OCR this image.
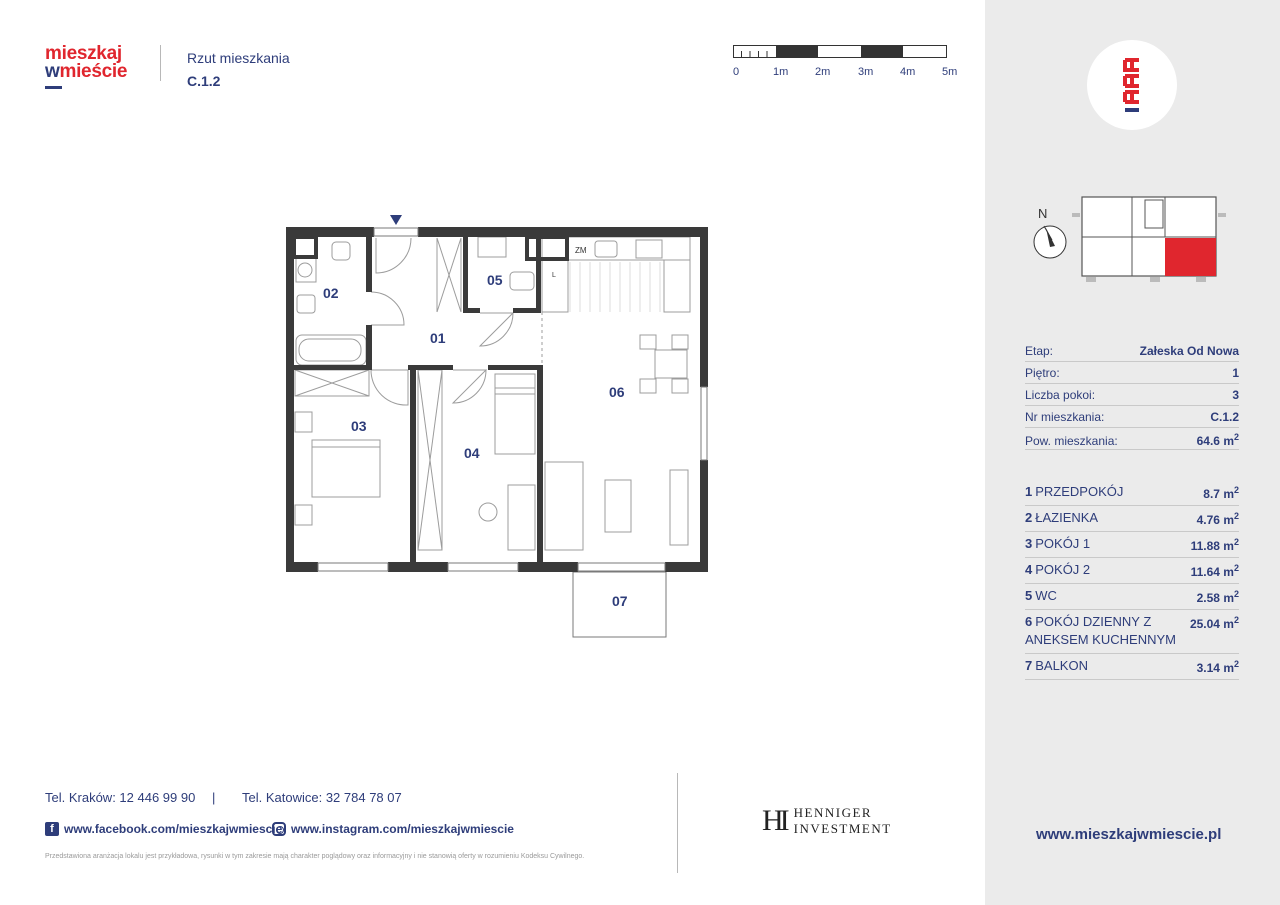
mieszkaj
wmieście
Rzut mieszkania
C.1.2
0	1m 2m	3m 4m 5m
01
02
03
04
05
06
07
ZM
L
Tel. Kraków: 12 446 99 90 | Tel. Katowice: 32 784 78 07
f www.facebook.com/mieszkajwmiescie www.instagram.com/mieszkajwmiescie
Przedstawiona aranżacja lokalu jest przykładowa, rysunki w tym zakresie mają charakter poglądowy oraz informacyjny i nie stanowią oferty w rozumieniu Kodeksu Cywilnego.
HI HENNIGER
INVESTMENT
N
Etap:	Załeska Od Nowa
Piętro:	1
Liczba pokoi:	3
Nr mieszkania:	C.1.2
Pow. mieszkania:	64.6 $m^2$
1 PRZEDPOKÓJ	8.7 $m^2$
2 ŁAZIENKA	4.76 $m^2$
3 POKÓJ 1	11.88 $m^2$
4 POKÓJ 2	11.64 $m^2$
5 WC	2.58 $m^2$
6 POKÓJ DZIENNY Z ANEKSEM KUCHENNYM
25.04 $m^2$
7 BALKON	3.14 $m^2$
www.mieszkajwmiescie.pl
